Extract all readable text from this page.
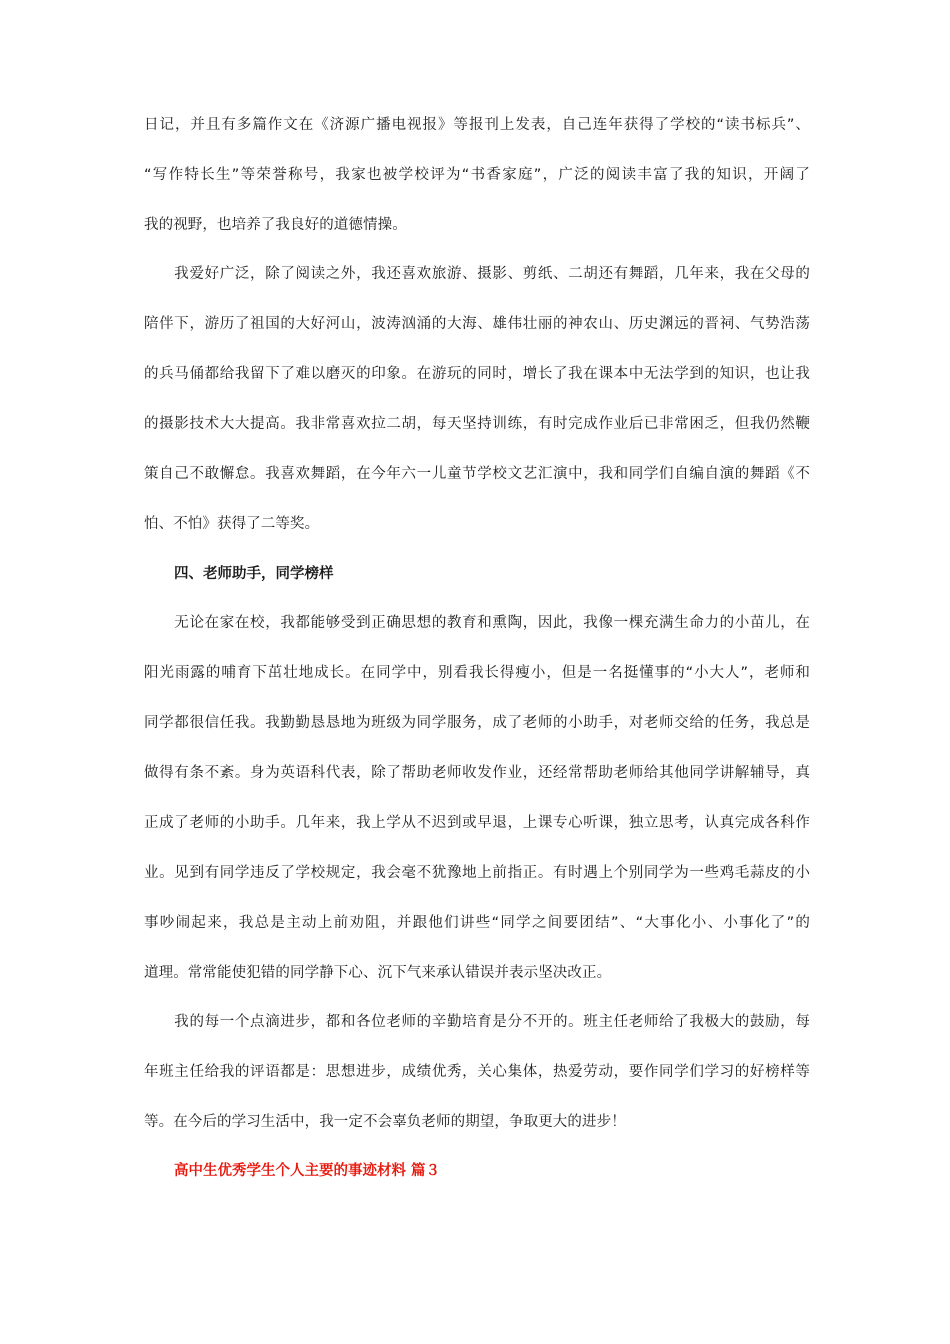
日记，并且有多篇作文在《济源广播电视报》等报刊上发表，自己连年获得了学校的“读书标兵”、
“写作特长生”等荣誉称号，我家也被学校评为“书香家庭”，广泛的阅读丰富了我的知识，开阔了
我的视野，也培养了我良好的道德情操。
　　我爱好广泛，除了阅读之外，我还喜欢旅游、摄影、剪纸、二胡还有舞蹈，几年来，我在父母的
陪伴下，游历了祖国的大好河山，波涛汹涌的大海、雄伟壮丽的神农山、历史渊远的晋祠、气势浩荡
的兵马俑都给我留下了难以磨灭的印象。在游玩的同时，增长了我在课本中无法学到的知识，也让我
的摄影技术大大提高。我非常喜欢拉二胡，每天坚持训练，有时完成作业后已非常困乏，但我仍然鞭
策自己不敢懈怠。我喜欢舞蹈，在今年六一儿童节学校文艺汇演中，我和同学们自编自演的舞蹈《不
怕、不怕》获得了二等奖。
四、老师助手，同学榜样
　　无论在家在校，我都能够受到正确思想的教育和熏陶，因此，我像一棵充满生命力的小苗儿，在
阳光雨露的哺育下茁壮地成长。在同学中，别看我长得瘦小，但是一名挺懂事的“小大人”，老师和
同学都很信任我。我勤勤恳恳地为班级为同学服务，成了老师的小助手，对老师交给的任务，我总是
做得有条不紊。身为英语科代表，除了帮助老师收发作业，还经常帮助老师给其他同学讲解辅导，真
正成了老师的小助手。几年来，我上学从不迟到或早退，上课专心听课，独立思考，认真完成各科作
业。见到有同学违反了学校规定，我会毫不犹豫地上前指正。有时遇上个别同学为一些鸡毛蒜皮的小
事吵闹起来，我总是主动上前劝阻，并跟他们讲些“同学之间要团结”、“大事化小、小事化了”的
道理。常常能使犯错的同学静下心、沉下气来承认错误并表示坚决改正。
　　我的每一个点滴进步，都和各位老师的辛勤培育是分不开的。班主任老师给了我极大的鼓励，每
年班主任给我的评语都是：思想进步，成绩优秀，关心集体，热爱劳动，要作同学们学习的好榜样等
等。在今后的学习生活中，我一定不会辜负老师的期望，争取更大的进步！
高中生优秀学生个人主要的事迹材料 篇３
